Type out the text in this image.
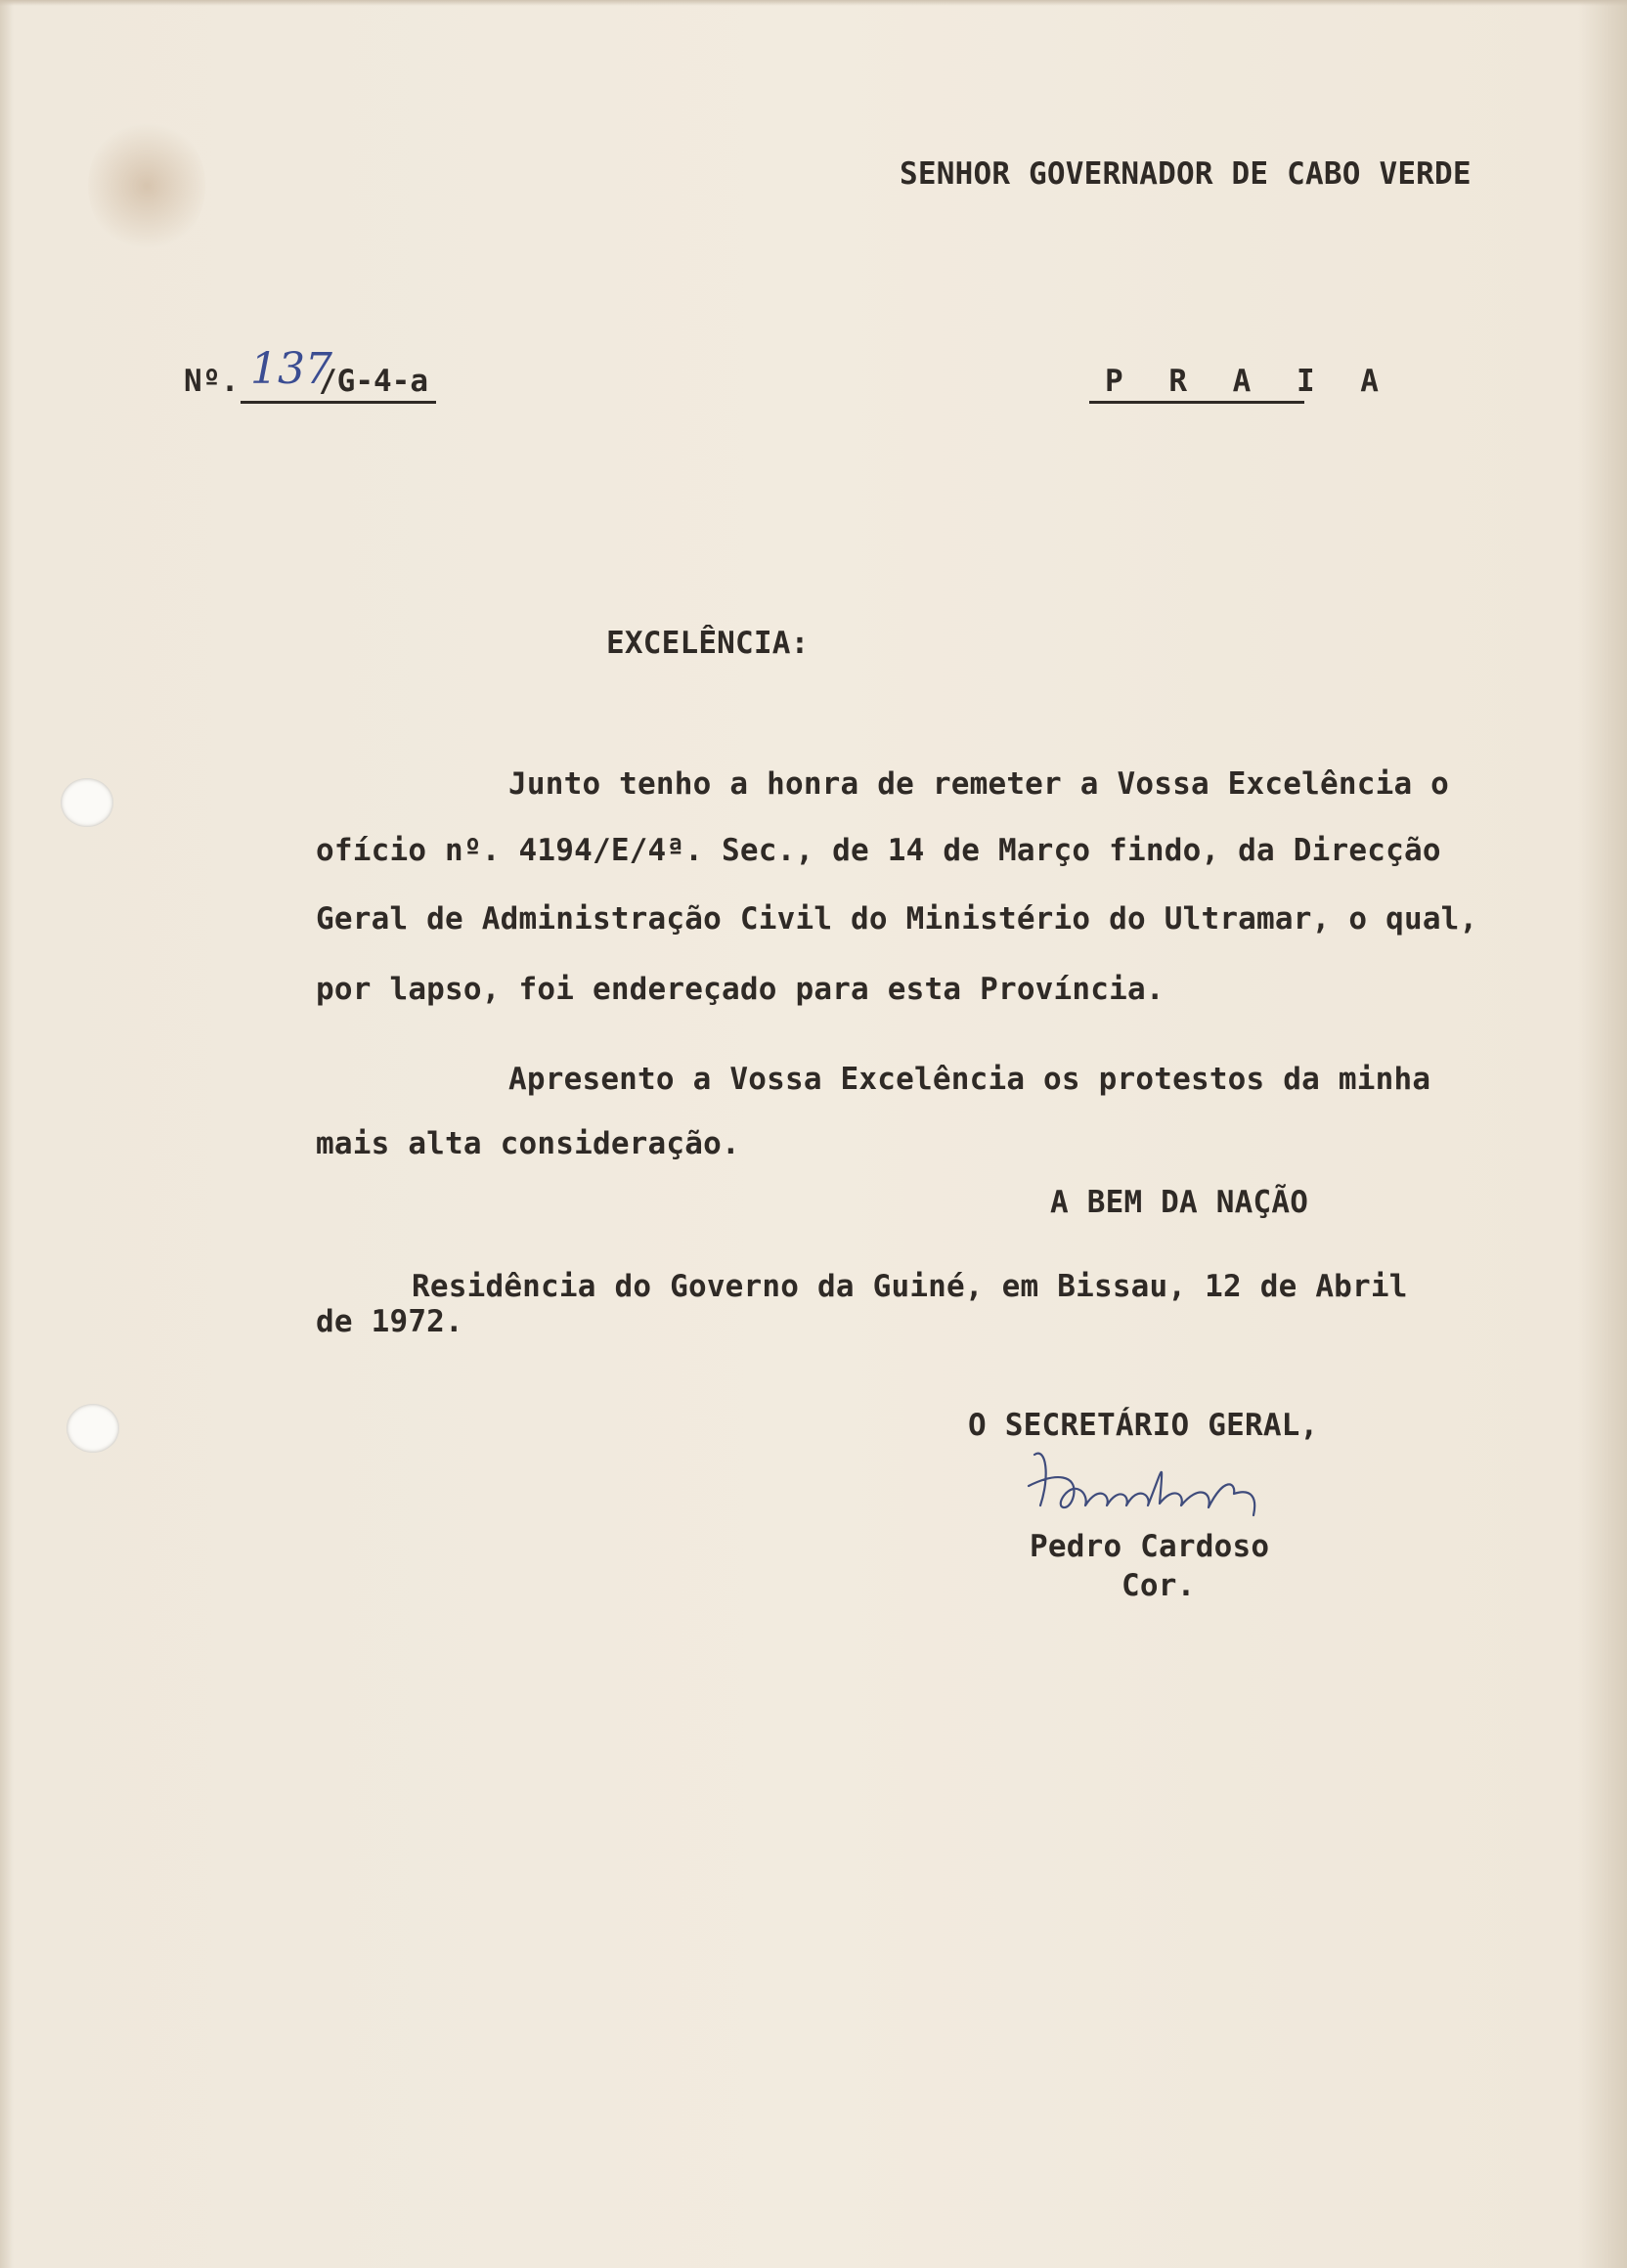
SENHOR GOVERNADOR DE CABO VERDE

Nº. 137
/G-4-a	P R A I A

EXCELÊNCIA:

Junto tenho a honra de remeter a Vossa Excelência o

ofício nº. 4194/E/4ª. Sec., de 14 de Março findo, da Direcção

Geral de Administração Civil do Ministério do Ultramar, o qual,

por lapso, foi endereçado para esta Província.

Apresento a Vossa Excelência os protestos da minha

mais alta consideração.

A BEM DA NAÇÃO

Residência do Governo da Guiné, em Bissau, 12 de Abril

de 1972.

O SECRETÁRIO GERAL,

Pedro Cardoso

Cor.
